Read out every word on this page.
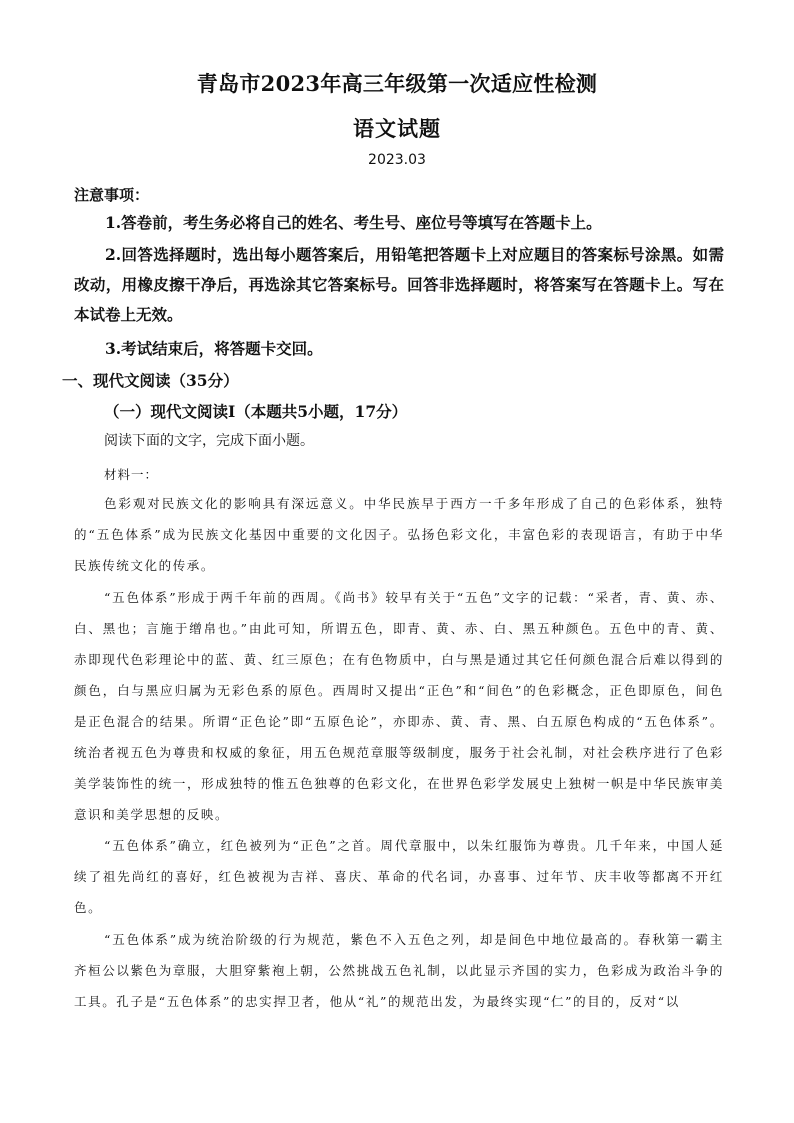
青岛市2023年高三年级第一次适应性检测
语文试题
2023.03
注意事项：
1.答卷前，考生务必将自己的姓名、考生号、座位号等填写在答题卡上。
2.回答选择题时，选出每小题答案后，用铅笔把答题卡上对应题目的答案标号涂黑。如需改动，用橡皮擦干净后，再选涂其它答案标号。回答非选择题时，将答案写在答题卡上。写在本试卷上无效。
3.考试结束后，将答题卡交回。
一、现代文阅读（35分）
（一）现代文阅读Ⅰ（本题共5小题，17分）
阅读下面的文字，完成下面小题。
材料一：
色彩观对民族文化的影响具有深远意义。中华民族早于西方一千多年形成了自己的色彩体系，独特的“五色体系”成为民族文化基因中重要的文化因子。弘扬色彩文化，丰富色彩的表现语言，有助于中华民族传统文化的传承。
“五色体系”形成于两千年前的西周。《尚书》较早有关于“五色”文字的记载：“采者，青、黄、赤、白、黑也；言施于缯帛也。”由此可知，所谓五色，即青、黄、赤、白、黑五种颜色。五色中的青、黄、赤即现代色彩理论中的蓝、黄、红三原色；在有色物质中，白与黑是通过其它任何颜色混合后难以得到的颜色，白与黑应归属为无彩色系的原色。西周时又提出“正色”和“间色”的色彩概念，正色即原色，间色是正色混合的结果。所谓“正色论”即“五原色论”，亦即赤、黄、青、黑、白五原色构成的“五色体系”。统治者视五色为尊贵和权威的象征，用五色规范章服等级制度，服务于社会礼制，对社会秩序进行了色彩美学装饰性的统一，形成独特的惟五色独尊的色彩文化，在世界色彩学发展史上独树一帜是中华民族审美意识和美学思想的反映。
“五色体系”确立，红色被列为“正色”之首。周代章服中，以朱红服饰为尊贵。几千年来，中国人延续了祖先尚红的喜好，红色被视为吉祥、喜庆、革命的代名词，办喜事、过年节、庆丰收等都离不开红色。
“五色体系”成为统治阶级的行为规范，紫色不入五色之列，却是间色中地位最高的。春秋第一霸主齐桓公以紫色为章服，大胆穿紫袍上朝，公然挑战五色礼制，以此显示齐国的实力，色彩成为政治斗争的工具。孔子是“五色体系”的忠实捍卫者，他从“礼”的规范出发，为最终实现“仁”的目的，反对“以
